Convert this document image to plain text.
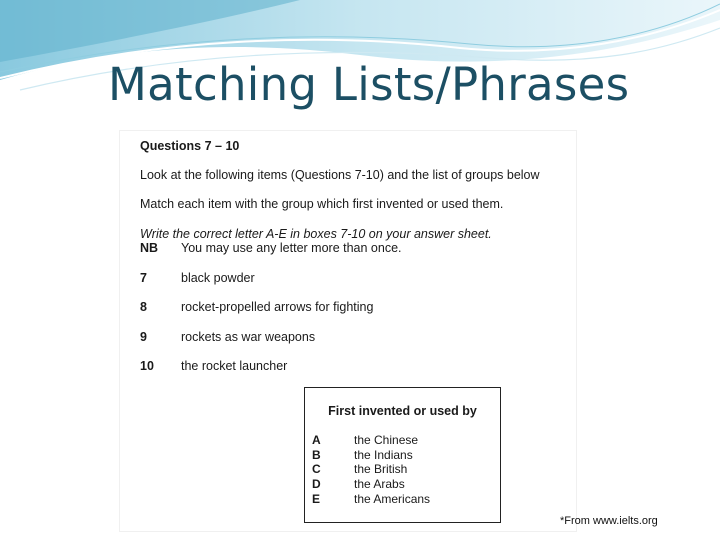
Matching Lists/Phrases
Questions 7 – 10
Look at the following items (Questions 7-10) and the list of groups below
Match each item with the group which first invented or used them.
Write the correct letter A-E in boxes 7-10 on your answer sheet.
NB You may use any letter more than once.
7	black powder
8	rocket-propelled arrows for fighting
9	rockets as war weapons
10 the rocket launcher
First invented or used by
A	the Chinese
B	the Indians
C	the British
D	the Arabs
E	the Americans
*From www.ielts.org
